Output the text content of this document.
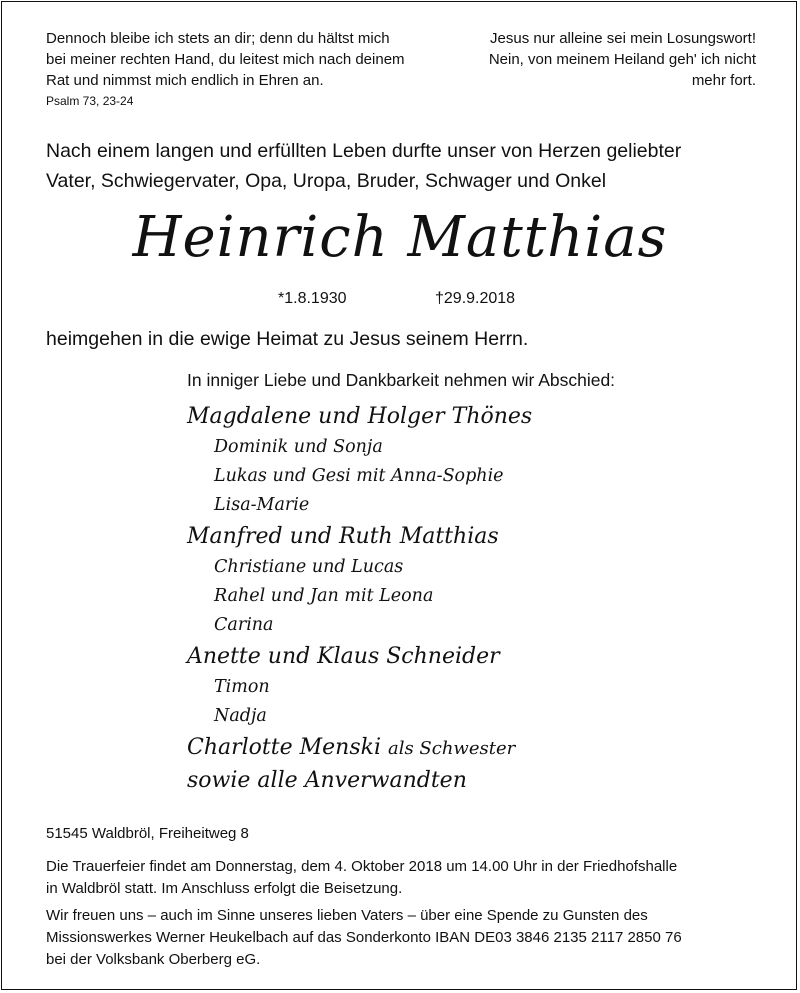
Dennoch bleibe ich stets an dir; denn du hältst mich
bei meiner rechten Hand, du leitest mich nach deinem
Rat und nimmst mich endlich in Ehren an.
Psalm 73, 23-24
Jesus nur alleine sei mein Losungswort!
Nein, von meinem Heiland geh' ich nicht
mehr fort.
Nach einem langen und erfüllten Leben durfte unser von Herzen geliebter
Vater, Schwiegervater, Opa, Uropa, Bruder, Schwager und Onkel
Heinrich Matthias
*1.8.1930	†29.9.2018
heimgehen in die ewige Heimat zu Jesus seinem Herrn.
In inniger Liebe und Dankbarkeit nehmen wir Abschied:
Magdalene und Holger Thönes
Dominik und Sonja
Lukas und Gesi mit Anna-Sophie
Lisa-Marie
Manfred und Ruth Matthias
Christiane und Lucas
Rahel und Jan mit Leona
Carina
Anette und Klaus Schneider
Timon
Nadja
Charlotte Menski als Schwester
sowie alle Anverwandten
51545 Waldbröl, Freiheitweg 8
Die Trauerfeier findet am Donnerstag, dem 4. Oktober 2018 um 14.00 Uhr in der Friedhofshalle
in Waldbröl statt. Im Anschluss erfolgt die Beisetzung.
Wir freuen uns – auch im Sinne unseres lieben Vaters – über eine Spende zu Gunsten des
Missionswerkes Werner Heukelbach auf das Sonderkonto IBAN DE03 3846 2135 2117 2850 76
bei der Volksbank Oberberg eG.
